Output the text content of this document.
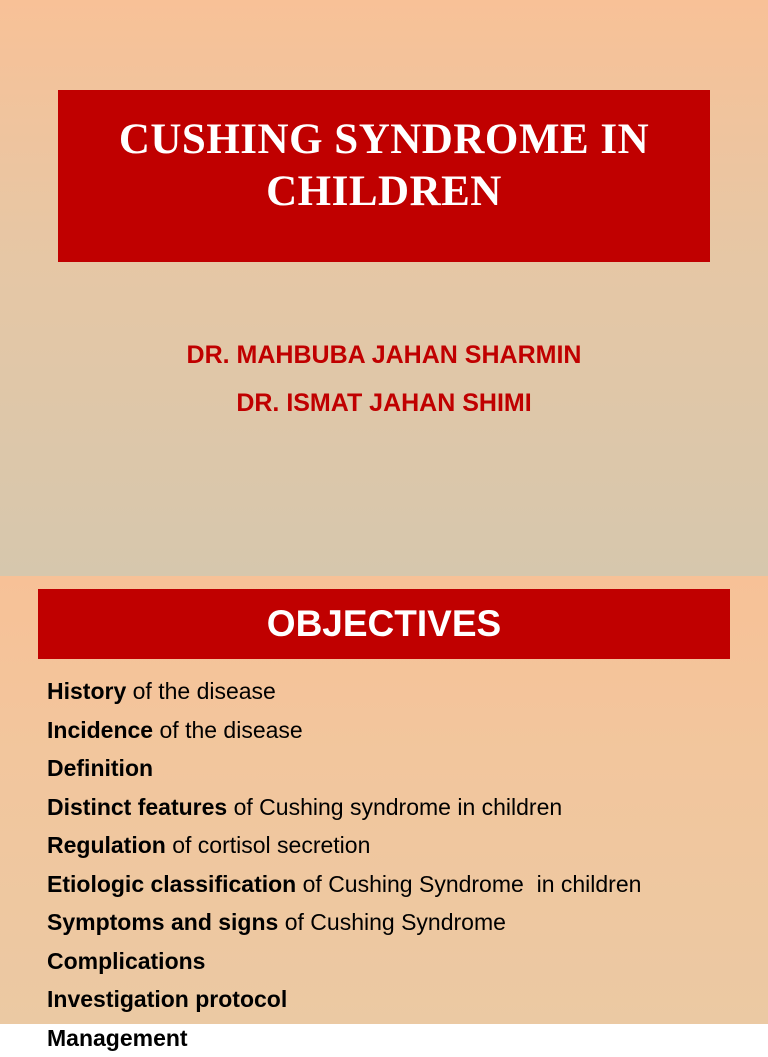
CUSHING SYNDROME IN
CHILDREN
DR. MAHBUBA JAHAN SHARMIN
DR. ISMAT JAHAN SHIMI
OBJECTIVES
History of the disease
Incidence of the disease
Definition
Distinct features of Cushing syndrome in children
Regulation of cortisol secretion
Etiologic classification of Cushing Syndrome  in children
Symptoms and signs of Cushing Syndrome
Complications
Investigation protocol
Management
